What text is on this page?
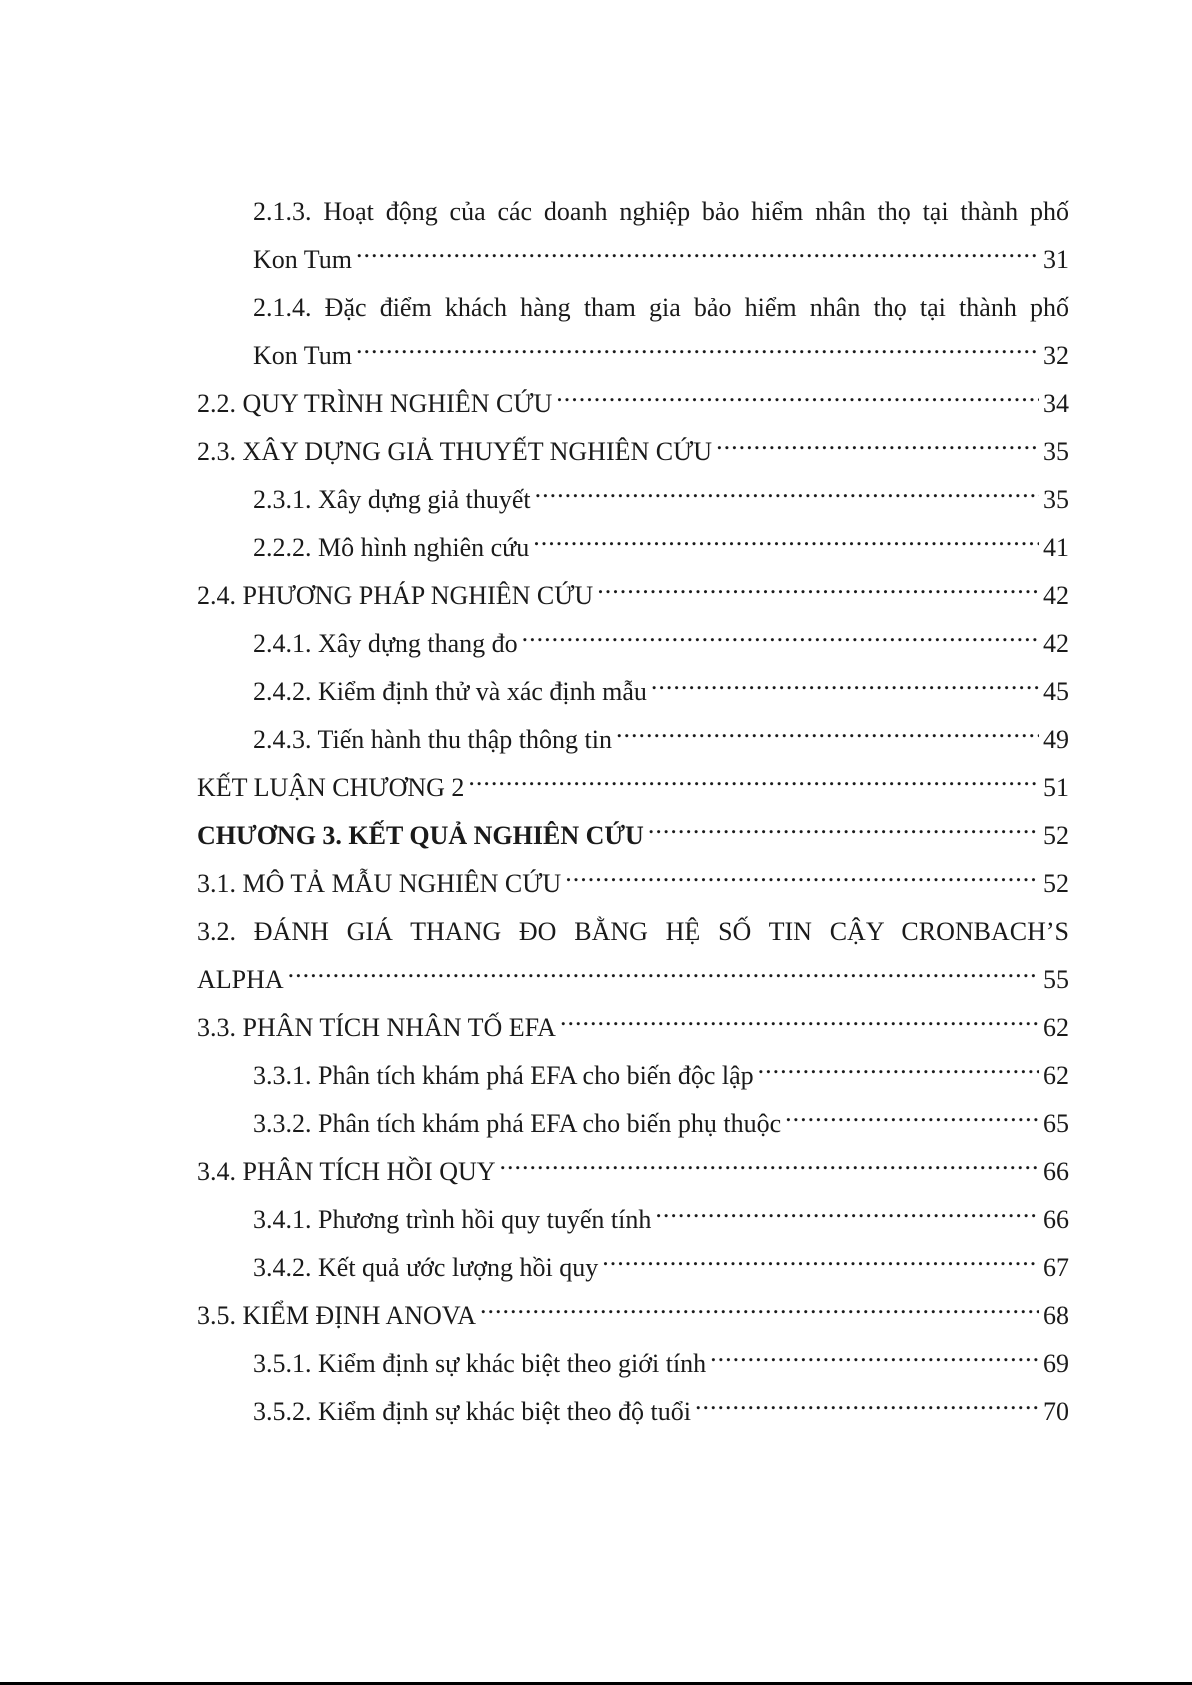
2.1.3. Hoạt động của các doanh nghiệp bảo hiểm nhân thọ tại thành phố
Kon Tum .....	31
2.1.4. Đặc điểm khách hàng tham gia bảo hiểm nhân thọ tại thành phố
Kon Tum .....	32
2.2. QUY TRÌNH NGHIÊN CỨU .....	34
2.3. XÂY DỰNG GIẢ THUYẾT NGHIÊN CỨU .....	35
2.3.1. Xây dựng giả thuyết .....	35
2.2.2. Mô hình nghiên cứu .....	41
2.4. PHƯƠNG PHÁP NGHIÊN CỨU .....	42
2.4.1. Xây dựng thang đo .....	42
2.4.2. Kiểm định thử và xác định mẫu .....	45
2.4.3. Tiến hành thu thập thông tin .....	49
KẾT LUẬN CHƯƠNG 2 .....	51
CHƯƠNG 3. KẾT QUẢ NGHIÊN CỨU .....	52
3.1. MÔ TẢ MẪU NGHIÊN CỨU .....	52
3.2. ĐÁNH GIÁ THANG ĐO BẰNG HỆ SỐ TIN CẬY CRONBACH’S
ALPHA .....	55
3.3. PHÂN TÍCH NHÂN TỐ EFA .....	62
3.3.1. Phân tích khám phá EFA cho biến độc lập .....	62
3.3.2. Phân tích khám phá EFA cho biến phụ thuộc .....	65
3.4. PHÂN TÍCH HỒI QUY .....	66
3.4.1. Phương trình hồi quy tuyến tính .....	66
3.4.2. Kết quả ước lượng hồi quy .....	67
3.5. KIỂM ĐỊNH ANOVA .....	68
3.5.1. Kiểm định sự khác biệt theo giới tính .....	69
3.5.2. Kiểm định sự khác biệt theo độ tuổi .....	70
